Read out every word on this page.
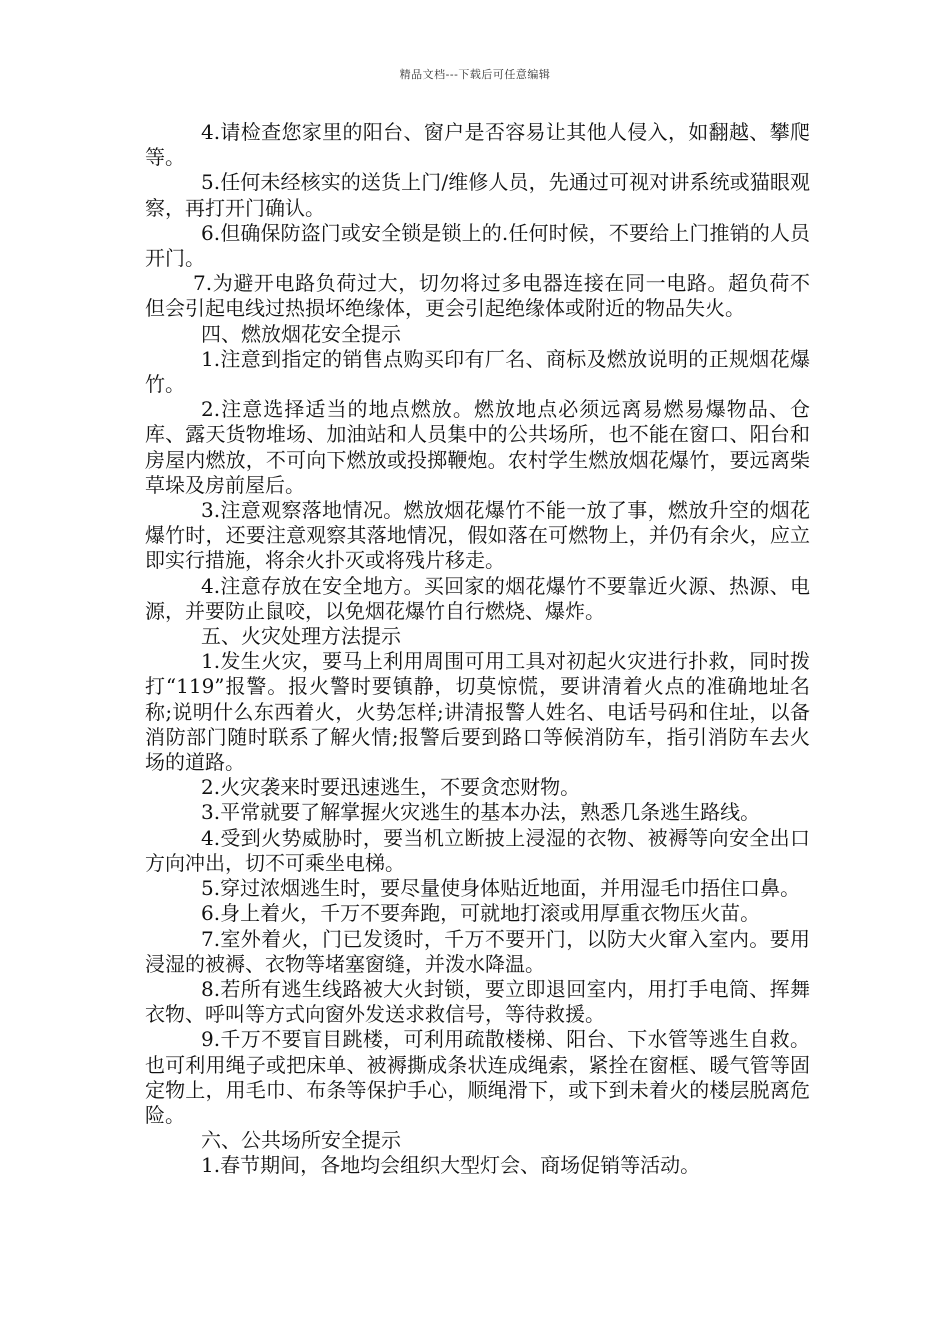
精品文档---下载后可任意编辑

4.请检查您家里的阳台、窗户是否容易让其他人侵入，如翻越、攀爬等。

5.任何未经核实的送货上门/维修人员，先通过可视对讲系统或猫眼观察，再打开门确认。

6.但确保防盗门或安全锁是锁上的.任何时候，不要给上门推销的人员开门。

7.为避开电路负荷过大，切勿将过多电器连接在同一电路。超负荷不但会引起电线过热损坏绝缘体，更会引起绝缘体或附近的物品失火。

四、燃放烟花安全提示

1.注意到指定的销售点购买印有厂名、商标及燃放说明的正规烟花爆竹。

2.注意选择适当的地点燃放。燃放地点必须远离易燃易爆物品、仓库、露天货物堆场、加油站和人员集中的公共场所，也不能在窗口、阳台和房屋内燃放，不可向下燃放或投掷鞭炮。农村学生燃放烟花爆竹，要远离柴草垛及房前屋后。

3.注意观察落地情况。燃放烟花爆竹不能一放了事，燃放升空的烟花爆竹时，还要注意观察其落地情况，假如落在可燃物上，并仍有余火，应立即实行措施，将余火扑灭或将残片移走。

4.注意存放在安全地方。买回家的烟花爆竹不要靠近火源、热源、电源，并要防止鼠咬，以免烟花爆竹自行燃烧、爆炸。

五、火灾处理方法提示

1.发生火灾，要马上利用周围可用工具对初起火灾进行扑救，同时拨打“119”报警。报火警时要镇静，切莫惊慌，要讲清着火点的准确地址名称;说明什么东西着火，火势怎样;讲清报警人姓名、电话号码和住址，以备消防部门随时联系了解火情;报警后要到路口等候消防车，指引消防车去火场的道路。

2.火灾袭来时要迅速逃生，不要贪恋财物。

3.平常就要了解掌握火灾逃生的基本办法，熟悉几条逃生路线。

4.受到火势威胁时，要当机立断披上浸湿的衣物、被褥等向安全出口方向冲出，切不可乘坐电梯。

5.穿过浓烟逃生时，要尽量使身体贴近地面，并用湿毛巾捂住口鼻。

6.身上着火，千万不要奔跑，可就地打滚或用厚重衣物压火苗。

7.室外着火，门已发烫时，千万不要开门，以防大火窜入室内。要用浸湿的被褥、衣物等堵塞窗缝，并泼水降温。

8.若所有逃生线路被大火封锁，要立即退回室内，用打手电筒、挥舞衣物、呼叫等方式向窗外发送求救信号，等待救援。

9.千万不要盲目跳楼，可利用疏散楼梯、阳台、下水管等逃生自救。也可利用绳子或把床单、被褥撕成条状连成绳索，紧拴在窗框、暖气管等固定物上，用毛巾、布条等保护手心，顺绳滑下，或下到未着火的楼层脱离危险。

六、公共场所安全提示

1.春节期间，各地均会组织大型灯会、商场促销等活动。
